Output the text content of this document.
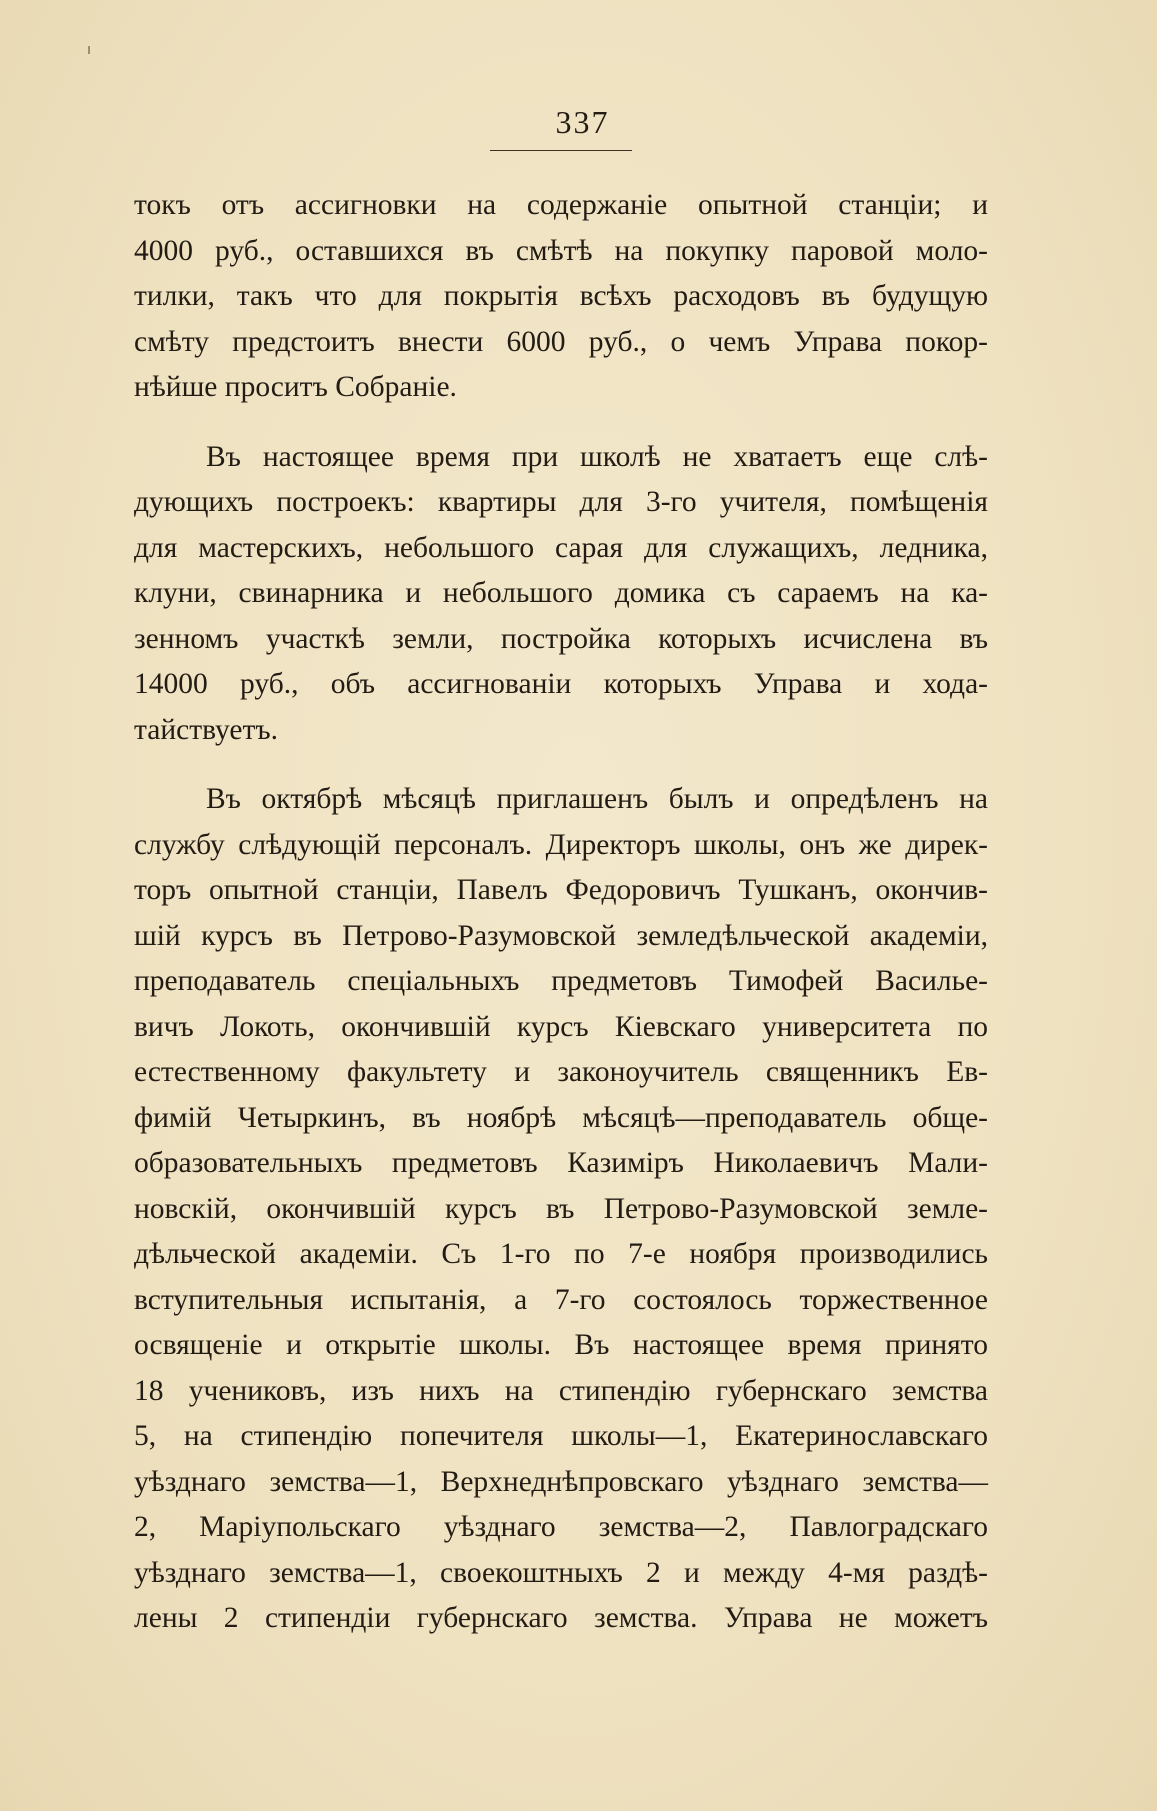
337

токъ отъ ассигновки на содержаніе опытной станціи; и
4000 руб., оставшихся въ смѣтѣ на покупку паровой моло-
тилки, такъ что для покрытія всѣхъ расходовъ въ будущую
смѣту предстоитъ внести 6000 руб., о чемъ Управа покор-
нѣйше проситъ Собраніе.

Въ настоящее время при школѣ не хватаетъ еще слѣ-
дующихъ построекъ: квартиры для 3-го учителя, помѣщенія
для мастерскихъ, небольшого сарая для служащихъ, ледника,
клуни, свинарника и небольшого домика съ сараемъ на ка-
зенномъ участкѣ земли, постройка которыхъ исчислена въ
14000 руб., объ ассигнованіи которыхъ Управа и хода-
тайствуетъ.

Въ октябрѣ мѣсяцѣ приглашенъ былъ и опредѣленъ на
службу слѣдующій персоналъ. Директоръ школы, онъ же дирек-
торъ опытной станціи, Павелъ Федоровичъ Тушканъ, окончив-
шій курсъ въ Петрово-Разумовской земледѣльческой академіи,
преподаватель спеціальныхъ предметовъ Тимофей Василье-
вичъ Локоть, окончившій курсъ Кіевскаго университета по
естественному факультету и законоучитель священникъ Ев-
фимій Четыркинъ, въ ноябрѣ мѣсяцѣ—преподаватель обще-
образовательныхъ предметовъ Казиміръ Николаевичъ Мали-
новскій, окончившій курсъ въ Петрово-Разумовской земле-
дѣльческой академіи. Съ 1-го по 7-е ноября производились
вступительныя испытанія, а 7-го состоялось торжественное
освященіе и открытіе школы. Въ настоящее время принято
18 учениковъ, изъ нихъ на стипендію губернскаго земства
5, на стипендію попечителя школы—1, Екатеринославскаго
уѣзднаго земства—1, Верхнеднѣпровскаго уѣзднаго земства—
2, Маріупольскаго уѣзднаго земства—2, Павлоградскаго
уѣзднаго земства—1, своекоштныхъ 2 и между 4-мя раздѣ-
лены 2 стипендіи губернскаго земства. Управа не можетъ
